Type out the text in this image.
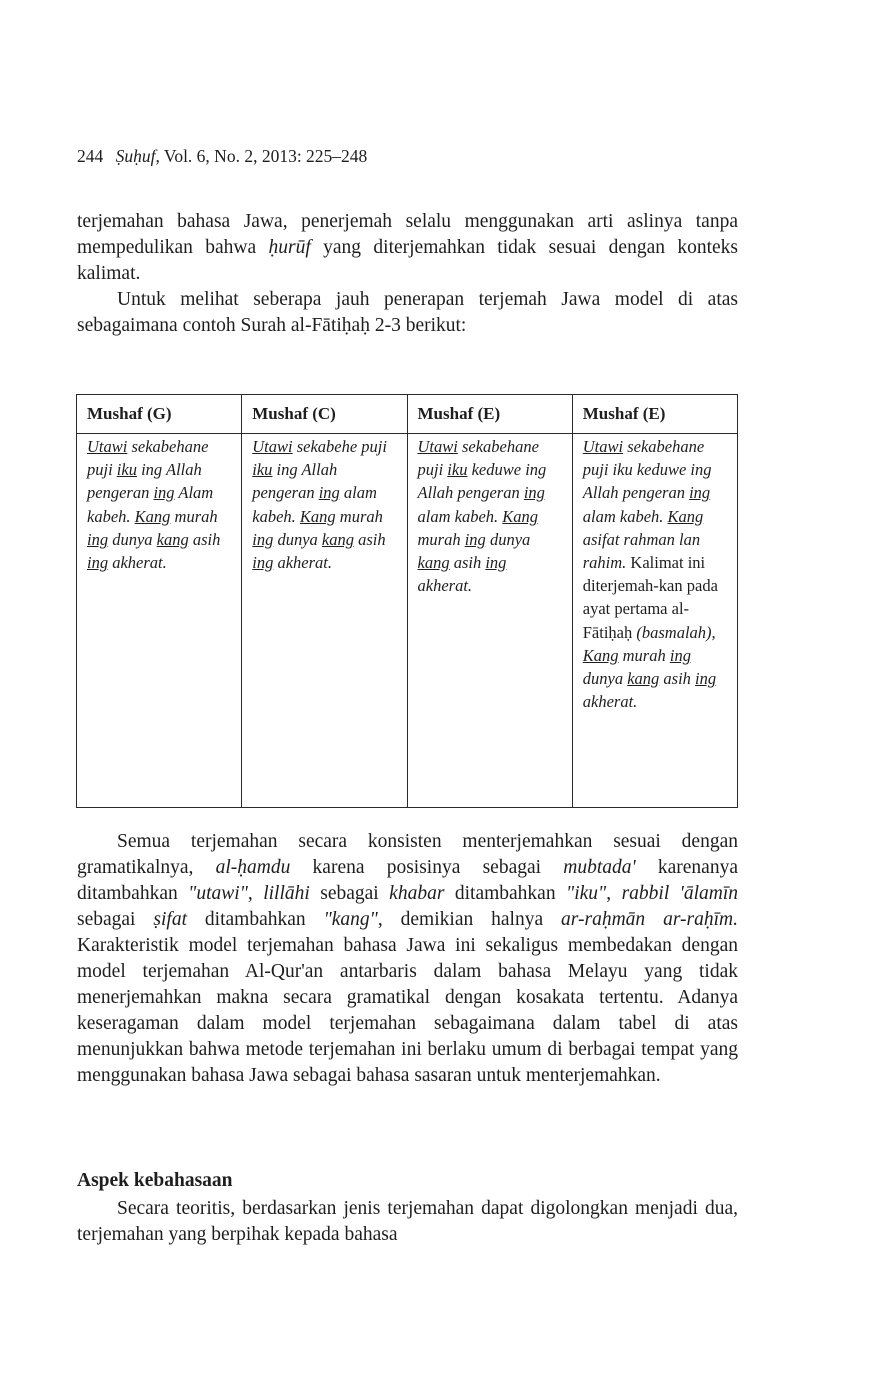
244 Ṣuḥuf, Vol. 6, No. 2, 2013: 225–248

terjemahan bahasa Jawa, penerjemah selalu menggunakan arti aslinya tanpa mempedulikan bahwa ḥurūf yang diterjemahkan tidak sesuai dengan konteks kalimat.

Untuk melihat seberapa jauh penerapan terjemah Jawa model di atas sebagaimana contoh Surah al-Fātiḥaḥ 2-3 berikut:

Mushaf (G)	Mushaf (C)	Mushaf (E)	Mushaf (E)

Utawi sekabehane puji iku ing Allah pengeran ing Alam kabeh. Kang murah ing dunya kang asih ing akherat.	Utawi sekabehe puji iku ing Allah pengeran ing alam kabeh. Kang murah ing dunya kang asih ing akherat.	Utawi sekabehane puji iku keduwe ing Allah pengeran ing alam kabeh. Kang murah ing dunya kang asih ing akherat.	Utawi sekabehane puji iku keduwe ing Allah pengeran ing alam kabeh. Kang asifat rahman lan rahim. Kalimat ini diterjemah-kan pada ayat pertama al-Fātiḥaḥ (basmalah), Kang murah ing dunya kang asih ing akherat.

Semua terjemahan secara konsisten menterjemahkan sesuai dengan gramatikalnya, al-ḥamdu karena posisinya sebagai mubtada' karenanya ditambahkan "utawi", lillāhi sebagai khabar ditambahkan "iku", rabbil 'ālamīn sebagai ṣifat ditambahkan "kang", demikian halnya ar-raḥmān ar-raḥīm. Karakteristik model terjemahan bahasa Jawa ini sekaligus membedakan dengan model terjemahan Al-Qur'an antarbaris dalam bahasa Melayu yang tidak menerjemahkan makna secara gramatikal dengan kosakata tertentu. Adanya keseragaman dalam model terjemahan sebagaimana dalam tabel di atas menunjukkan bahwa metode terjemahan ini berlaku umum di berbagai tempat yang menggunakan bahasa Jawa sebagai bahasa sasaran untuk menterjemahkan.

Aspek kebahasaan

Secara teoritis, berdasarkan jenis terjemahan dapat digolongkan menjadi dua, terjemahan yang berpihak kepada bahasa
